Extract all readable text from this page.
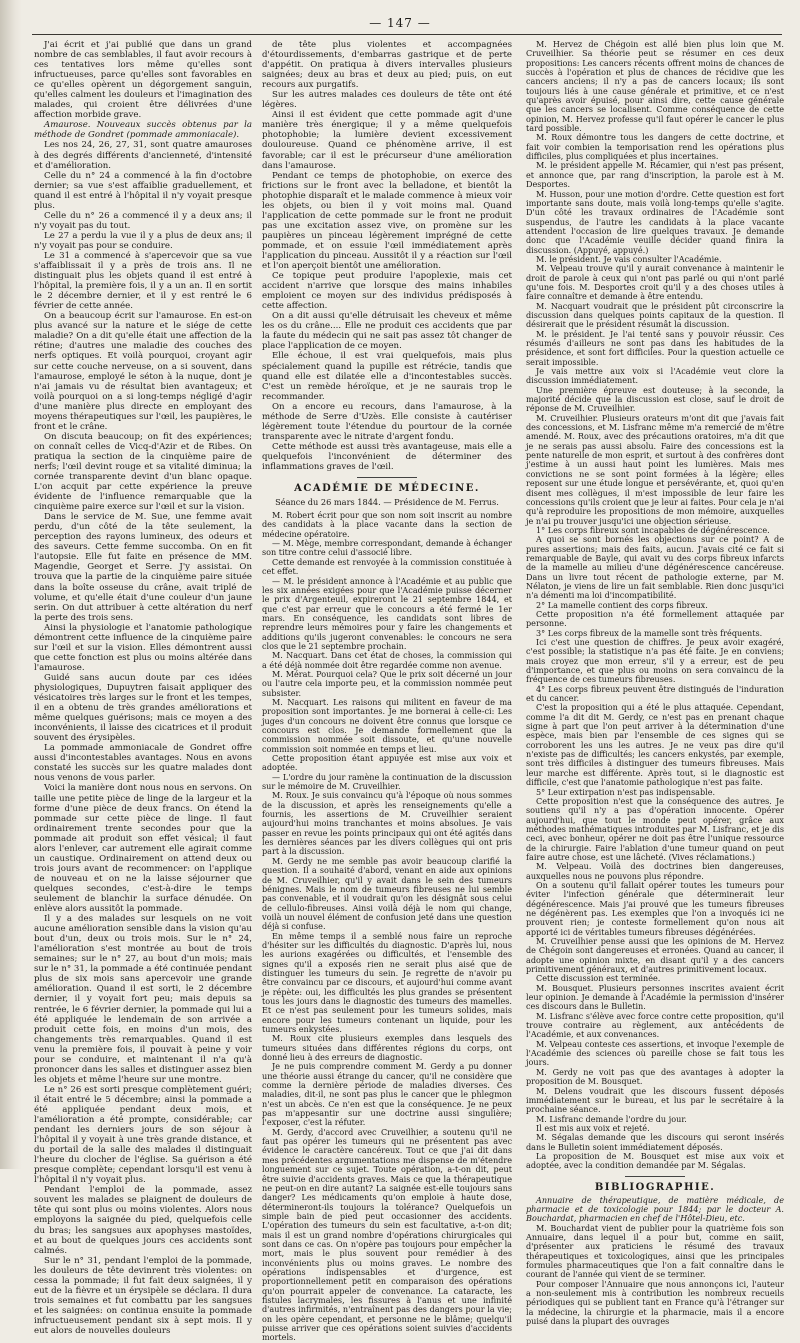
— 147 —

J'ai écrit et j'ai publié que dans un grand nombre de cas semblables, il faut avoir recours à ces tentatives lors même qu'elles sont infructueuses, parce qu'elles sont favorables en ce qu'elles opèrent un dégorgement sanguin, qu'elles calment les douleurs et l'imagination des malades, qui croient être délivrées d'une affection morbide grave.

Amaurose. Nouveaux succès obtenus par la méthode de Gondret (pommade ammoniacale).

Les nos 24, 26, 27, 31, sont quatre amauroses à des degrés différents d'ancienneté, d'intensité et d'amélioration.

Celle du n° 24 a commencé à la fin d'octobre dernier; sa vue s'est affaiblie graduellement, et quand il est entré à l'hôpital il n'y voyait presque plus.

Celle du n° 26 a commencé il y a deux ans; il n'y voyait pas du tout.

Le 27 a perdu la vue il y a plus de deux ans; il n'y voyait pas pour se conduire.

Le 31 a commencé à s'apercevoir que sa vue s'affaiblissait il y a près de trois ans. Il ne distinguait plus les objets quand il est entré à l'hôpital, la première fois, il y a un an. Il en sortit le 2 décembre dernier, et il y est rentré le 6 février de cette année.

On a beaucoup écrit sur l'amaurose. En est-on plus avancé sur la nature et le siége de cette maladie? On a dit qu'elle était une affection de la rétine; d'autres une maladie des couches des nerfs optiques. Et voilà pourquoi, croyant agir sur cette couche nerveuse, on a si souvent, dans l'amaurose, employé le séton à la nuque, dont je n'ai jamais vu de résultat bien avantageux; et voilà pourquoi on a si long-temps négligé d'agir d'une manière plus directe en employant des moyens thérapeutiques sur l'œil, les paupières, le front et le crâne.

On discuta beaucoup; on fit des expériences; on connaît celles de Vicq-d'Azir et de Ribes. On pratiqua la section de la cinquième paire de nerfs; l'œil devint rouge et sa vitalité diminua; la cornée transparente devint d'un blanc opaque. L'on acquit par cette expérience la preuve évidente de l'influence remarquable que la cinquième paire exerce sur l'œil et sur la vision.

Dans le service de M. Sue, une femme avait perdu, d'un côté de la tête seulement, la perception des rayons lumineux, des odeurs et des saveurs. Cette femme succomba. On en fit l'autopsie. Elle fut faite en présence de MM. Magendie, Georget et Serre. J'y assistai. On trouva que la partie de la cinquième paire située dans la boîte osseuse du crâne, avait triplé de volume, et qu'elle était d'une couleur d'un jaune serin. On dut attribuer à cette altération du nerf la perte des trois sens.

Ainsi la physiologie et l'anatomie pathologique démontrent cette influence de la cinquième paire sur l'œil et sur la vision. Elles démontrent aussi que cette fonction est plus ou moins altérée dans l'amaurose.

Guidé sans aucun doute par ces idées physiologiques, Dupuytren faisait appliquer des vésicatoires très larges sur le front et les tempes, il en a obtenu de très grandes améliorations et même quelques guérisons; mais ce moyen a des inconvénients, il laisse des cicatrices et il produit souvent des érysipèles.

La pommade ammoniacale de Gondret offre aussi d'incontestables avantages. Nous en avons constaté les succès sur les quatre malades dont nous venons de vous parler.

Voici la manière dont nous nous en servons. On taille une petite pièce de linge de la largeur et la forme d'une pièce de deux francs. On étend la pommade sur cette pièce de linge. Il faut ordinairement trente secondes pour que la pommade ait produit son effet vésical; il faut alors l'enlever, car autrement elle agirait comme un caustique. Ordinairement on attend deux ou trois jours avant de recommencer: on l'applique de nouveau et on ne la laisse séjourner que quelques secondes, c'est-à-dire le temps seulement de blanchir la surface dénudée. On enlève alors aussitôt la pommade.

Il y a des malades sur lesquels on ne voit aucune amélioration sensible dans la vision qu'au bout d'un, deux ou trois mois. Sur le n° 24, l'amélioration s'est montrée au bout de trois semaines; sur le n° 27, au bout d'un mois; mais sur le n° 31, la pommade a été continuée pendant plus de six mois sans apercevoir une grande amélioration. Quand il est sorti, le 2 décembre dernier, il y voyait fort peu; mais depuis sa rentrée, le 6 février dernier, la pommade qui lui a été appliquée le lendemain de son arrivée a produit cette fois, en moins d'un mois, des changements très remarquables. Quand il est venu la première fois, il pouvait à peine y voir pour se conduire, et maintenant il n'a qu'à prononcer dans les salles et distinguer assez bien les objets et même l'heure sur une montre.

Le n° 26 est sorti presque complètement guéri; il était entré le 5 décembre; ainsi la pommade a été appliquée pendant deux mois, et l'amélioration a été prompte, considérable; car pendant les derniers jours de son séjour à l'hôpital il y voyait à une très grande distance, et du portail de la salle des malades il distinguait l'heure du clocher de l'église. Sa guérison a été presque complète; cependant lorsqu'il est venu à l'hôpital il n'y voyait plus.

Pendant l'emploi de la pommade, assez souvent les malades se plaignent de douleurs de tête qui sont plus ou moins violentes. Alors nous employons la saignée du pied, quelquefois celle du bras; les sangsues aux apophyses mastoïdes, et au bout de quelques jours ces accidents sont calmés.

Sur le n° 31, pendant l'emploi de la pommade, les douleurs de tête devinrent très violentes: on cessa la pommade; il fut fait deux saignées, il y eut de la fièvre et un érysipèle se déclara. Il dura trois semaines et fut combattu par les sangsues et les saignées: on continua ensuite la pommade infructueusement pendant six à sept mois. Il y eut alors de nouvelles douleurs

de tête plus violentes et accompagnées d'étourdissements, d'embarras gastrique et de perte d'appétit. On pratiqua à divers intervalles plusieurs saignées; deux au bras et deux au pied; puis, on eut recours aux purgatifs.

Sur les autres malades ces douleurs de tête ont été légères.

Ainsi il est évident que cette pommade agit d'une manière très énergique; il y a même quelquefois photophobie; la lumière devient excessivement douloureuse. Quand ce phénomène arrive, il est favorable; car il est le précurseur d'une amélioration dans l'amaurose.

Pendant ce temps de photophobie, on exerce des frictions sur le front avec la belladone, et bientôt la photophie disparaît et le malade commence à mieux voir les objets, ou bien il y voit moins mal. Quand l'application de cette pommade sur le front ne produit pas une excitation assez vive, on promène sur les paupières un pinceau légèrement imprégné de cette pommade, et on essuie l'œil immédiatement après l'application du pinceau. Aussitôt il y a réaction sur l'œil et l'on aperçoit bientôt une amélioration.

Ce topique peut produire l'apoplexie, mais cet accident n'arrive que lorsque des mains inhabiles emploient ce moyen sur des individus prédisposés à cette affection.

On a dit aussi qu'elle détruisait les cheveux et même les os du crâne.... Elle ne produit ces accidents que par la faute du médecin qui ne sait pas assez tôt changer de place l'application de ce moyen.

Elle échoue, il est vrai quelquefois, mais plus spécialement quand la pupille est rétrécie, tandis que quand elle est dilatée elle a d'incontestables succès. C'est un remède héroïque, et je ne saurais trop le recommander.

On a encore eu recours, dans l'amaurose, à la méthode de Serre d'Uzès. Elle consiste à cautériser légèrement toute l'étendue du pourtour de la cornée transparente avec le nitrate d'argent fondu.

Cette méthode est aussi très avantageuse, mais elle a quelquefois l'inconvénient de déterminer des inflammations graves de l'œil.

ACADÉMIE DE MÉDECINE.
Séance du 26 mars 1844. — Présidence de M. Ferrus.

M. Robert écrit pour que son nom soit inscrit au nombre des candidats à la place vacante dans la section de médecine opératoire.

— M. Mège, membre correspondant, demande à échanger son titre contre celui d'associé libre.

Cette demande est renvoyée à la commission constituée à cet effet.

— M. le président annonce à l'Académie et au public que les six années exigées pour que l'Académie puisse décerner le prix d'Argenteuil, expireront le 21 septembre 1844, et que c'est par erreur que le concours a été fermé le 1er mars. En conséquence, les candidats sont libres de reprendre leurs mémoires pour y faire les changements et additions qu'ils jugeront convenables: le concours ne sera clos que le 21 septembre prochain.

M. Nacquart. Dans cet état de choses, la commission qui a été déjà nommée doit être regardée comme non avenue.

M. Mérat. Pourquoi cela? Que le prix soit décerné un jour ou l'autre cela importe peu, et la commission nommée peut subsister.

M. Nacquart. Les raisons qui militent en faveur de ma proposition sont importantes. Je me bornerai à celle-ci: Les juges d'un concours ne doivent être connus que lorsque ce concours est clos. Je demande formellement que la commission nommée soit dissoute, et qu'une nouvelle commission soit nommée en temps et lieu.

Cette proposition étant appuyée est mise aux voix et adoptée.

— L'ordre du jour ramène la continuation de la discussion sur le mémoire de M. Cruveilhier.

M. Roux. Je suis convaincu qu'à l'époque où nous sommes de la discussion, et après les renseignements qu'elle a fournis, les assertions de M. Cruveilhier seraient aujourd'hui moins tranchantes et moins absolues. Je vais passer en revue les points principaux qui ont été agités dans les dernières séances par les divers collègues qui ont pris part à la discussion.

M. Gerdy ne me semble pas avoir beaucoup clarifié la question. Il a souhaité d'abord, venant en aide aux opinions de M. Cruveilhier, qu'il y avait dans le sein des tumeurs bénignes. Mais le nom de tumeurs fibreuses ne lui semble pas convenable, et il voudrait qu'on les désignât sous celui de cellulo-fibreuses. Ainsi voilà déjà le nom qui change, voilà un nouvel élément de confusion jeté dans une question déjà si confuse.

En même temps il a semblé nous faire un reproche d'hésiter sur les difficultés du diagnostic. D'après lui, nous les aurions exagérées ou difficultés, et l'ensemble des signes qu'il a exposés rien ne serait plus aisé que de distinguer les tumeurs du sein. Je regrette de n'avoir pu être convaincu par ce discours, et aujourd'hui comme avant je répète: oui, les difficultés les plus grandes se présentent tous les jours dans le diagnostic des tumeurs des mamelles. Et ce n'est pas seulement pour les tumeurs solides, mais encore pour les tumeurs contenant un liquide, pour les tumeurs enkystées.

M. Roux cite plusieurs exemples dans lesquels des tumeurs situées dans différentes régions du corps, ont donné lieu à des erreurs de diagnostic.

Je ne puis comprendre comment M. Gerdy a pu donner une théorie aussi étrange du cancer, qu'il ne considère que comme la dernière période de maladies diverses. Ces maladies, dit-il, ne sont pas plus le cancer que le phlegmon n'est un abcès. Ce n'en est que la conséquence. Je ne peux pas m'appesantir sur une doctrine aussi singulière; l'exposer, c'est la réfuter.

M. Gerdy, d'accord avec Cruveilhier, a soutenu qu'il ne faut pas opérer les tumeurs qui ne présentent pas avec évidence le caractère cancéreux. Tout ce que j'ai dit dans mes précédentes argumentations me dispense de m'étendre longuement sur ce sujet. Toute opération, a-t-on dit, peut être suivie d'accidents graves. Mais ce que la thérapeutique ne peut-on en dire autant? La saignée est-elle toujours sans danger? Les médicaments qu'on emploie à haute dose, détermineront-ils toujours la tolérance? Quelquefois un simple bain de pied peut occasionner des accidents. L'opération des tumeurs du sein est facultative, a-t-on dit; mais il est un grand nombre d'opérations chirurgicales qui sont dans ce cas. On n'opère pas toujours pour empêcher la mort, mais le plus souvent pour remédier à des inconvénients plus ou moins graves. Le nombre des opérations indispensables et d'urgence, est proportionnellement petit en comparaison des opérations qu'on pourrait appeler de convenance. La cataracte, les fistules lacrymales, les fissures à l'anus et une infinité d'autres infirmités, n'entraînent pas des dangers pour la vie; on les opère cependant, et personne ne le blâme; quelqu'il puisse arriver que ces opérations soient suivies d'accidents mortels.

M. Hervez de Chégoin est allé bien plus loin que M. Cruveilhier. Sa théorie peut se résumer en ces deux propositions: Les cancers récents offrent moins de chances de succès à l'opération et plus de chances de récidive que les cancers anciens; il n'y a pas de cancers locaux; ils sont toujours liés à une cause générale et primitive, et ce n'est qu'après avoir épuisé, pour ainsi dire, cette cause générale que les cancers se localisent. Comme conséquence de cette opinion, M. Hervez professe qu'il faut opérer le cancer le plus tard possible.

M. Roux démontre tous les dangers de cette doctrine, et fait voir combien la temporisation rend les opérations plus difficiles, plus compliquées et plus incertaines.

M. le président appelle M. Récamier, qui n'est pas présent, et annonce que, par rang d'inscription, la parole est à M. Desportes.

M. Husson, pour une motion d'ordre. Cette question est fort importante sans doute, mais voilà long-temps qu'elle s'agite. D'un côté les travaux ordinaires de l'Académie sont suspendus, de l'autre les candidats à la place vacante attendent l'occasion de lire quelques travaux. Je demande donc que l'Académie veuille décider quand finira la discussion. (Appuyé, appuyé.)

M. le président. Je vais consulter l'Académie.

M. Velpeau trouve qu'il y aurait convenance à maintenir le droit de parole à ceux qui n'ont pas parlé ou qui n'ont parlé qu'une fois. M. Desportes croit qu'il y a des choses utiles à faire connaître et demande à être entendu.

M. Nacquart voudrait que le président pût circonscrire la discussion dans quelques points capitaux de la question. Il désirerait que le président résumât la discussion.

M. le président. Je l'ai tenté sans y pouvoir réussir. Ces résumés d'ailleurs ne sont pas dans les habitudes de la présidence, et sont fort difficiles. Pour la question actuelle ce serait impossible.

Je vais mettre aux voix si l'Académie veut clore la discussion immédiatement.

Une première épreuve est douteuse; à la seconde, la majorité décide que la discussion est close, sauf le droit de réponse de M. Cruveilhier.

M. Cruveilhier. Plusieurs orateurs m'ont dit que j'avais fait des concessions, et M. Lisfranc même m'a remercié de m'être amendé. M. Roux, avec des précautions oratoires, m'a dit que je ne serais pas aussi absolu. Faire des concessions est la pente naturelle de mon esprit, et surtout à des confrères dont j'estime à un aussi haut point les lumières. Mais mes convictions ne se sont point formées à la légère; elles reposent sur une étude longue et persévérante, et, quoi qu'en disent mes collègues, il m'est impossible de leur faire les concessions qu'ils croient que je leur ai faites. Pour cela je n'ai qu'à reproduire les propositions de mon mémoire, auxquelles je n'ai pu trouver jusqu'ici une objection sérieuse.

1° Les corps fibreux sont incapables de dégénérescence.

A quoi se sont bornés les objections sur ce point? A de pures assertions; mais des faits, aucun. J'avais cité ce fait si remarquable de Bayle, qui avait vu des corps fibreux infarcts de la mamelle au milieu d'une dégénérescence cancéreuse. Dans un livre tout récent de pathologie externe, par M. Nélaton, je viens de lire un fait semblable. Rien donc jusqu'ici n'a démenti ma loi d'incompatibilité.

2° La mamelle contient des corps fibreux.

Cette proposition n'a été formellement attaquée par personne.

3° Les corps fibreux de la mamelle sont très fréquents.

Ici c'est une question de chiffres. Je peux avoir exagéré, c'est possible; la statistique n'a pas été faite. Je en conviens; mais croyez que mon erreur, s'il y a erreur, est de peu d'importance, et que plus ou moins on sera convaincu de la fréquence de ces tumeurs fibreuses.

4° Les corps fibreux peuvent être distingués de l'induration et du cancer.

C'est la proposition qui a été le plus attaquée. Cependant, comme l'a dit dit M. Gerdy, ce n'est pas en prenant chaque signe à part que l'on peut arriver à la détermination d'une espèce, mais bien par l'ensemble de ces signes qui se corroborent les uns les autres. Je ne veux pas dire qu'il n'existe pas de difficultés; les cancers enkystés, par exemple, sont très difficiles à distinguer des tumeurs fibreuses. Mais leur marche est différente. Après tout, si le diagnostic est difficile, c'est que l'anatomie pathologique n'est pas faite.

5° Leur extirpation n'est pas indispensable.

Cette proposition n'est que la conséquence des autres. Je soutiens qu'il n'y a pas d'opération innocente. Opérer aujourd'hui, que tout le monde peut opérer, grâce aux méthodes mathématiques introduites par M. Lisfranc, et je dis ceci, avec bonheur, opérer ne doit pas être l'unique ressource de la chirurgie. Faire l'ablation d'une tumeur quand on peut faire autre chose, est une lâcheté. (Vives réclamations.)

M. Velpeau. Voilà des doctrines bien dangereuses, auxquelles nous ne pouvons plus répondre.

On a soutenu qu'il fallait opérer toutes les tumeurs pour éviter l'infection générale que déterminerait leur dégénérescence. Mais j'ai prouvé que les tumeurs fibreuses ne dégénèrent pas. Les exemples que l'on a invoqués ici ne prouvent rien; je conteste formellement qu'on nous ait apporté ici de véritables tumeurs fibreuses dégénérées.

M. Cruveilhier pense aussi que les opinions de M. Hervez de Chégoin sont dangereuses et erronées. Quand au cancer, il adopte une opinion mixte, en disant qu'il y a des cancers primitivement généraux, et d'autres primitivement locaux.

Cette discussion est terminée.

M. Bousquet. Plusieurs personnes inscrites avaient écrit leur opinion. Je demande à l'Académie la permission d'insérer ces discours dans le Bulletin.

M. Lisfranc s'élève avec force contre cette proposition, qu'il trouve contraire au règlement, aux antécédents de l'Académie, et aux convenances.

M. Velpeau conteste ces assertions, et invoque l'exemple de l'Académie des sciences où pareille chose se fait tous les jours.

M. Gerdy ne voit pas que des avantages à adopter la proposition de M. Bousquet.

M. Delens voudrait que les discours fussent déposés immédiatement sur le bureau, et lus par le secrétaire à la prochaine séance.

M. Lisfranc demande l'ordre du jour.

Il est mis aux voix et rejeté.

M. Ségalas demande que les discours qui seront insérés dans le Bulletin soient immédiatement déposés.

La proposition de M. Bousquet est mise aux voix et adoptée, avec la condition demandée par M. Ségalas.

BIBLIOGRAPHIE.

Annuaire de thérapeutique, de matière médicale, de pharmacie et de toxicologie pour 1844; par le docteur A. Bouchardat, pharmacien en chef de l'Hôtel-Dieu, etc.

M. Bouchardat vient de publier pour la quatrième fois son Annuaire, dans lequel il a pour but, comme en saiit, d'présenter aux praticiens le résumé des travaux thérapeutiques et toxicologiques, ainsi que les principales formules pharmaceutiques que l'on a fait connaître dans le courant de l'année qui vient de se terminer.

Pour composer l'Annuaire que nous annonçons ici, l'auteur a non-seulement mis à contribution les nombreux recueils périodiques qui se publient tant en France qu'à l'étranger sur la médecine, la chirurgie et la pharmacie, mais il a encore puisé dans la plupart des ouvrages
